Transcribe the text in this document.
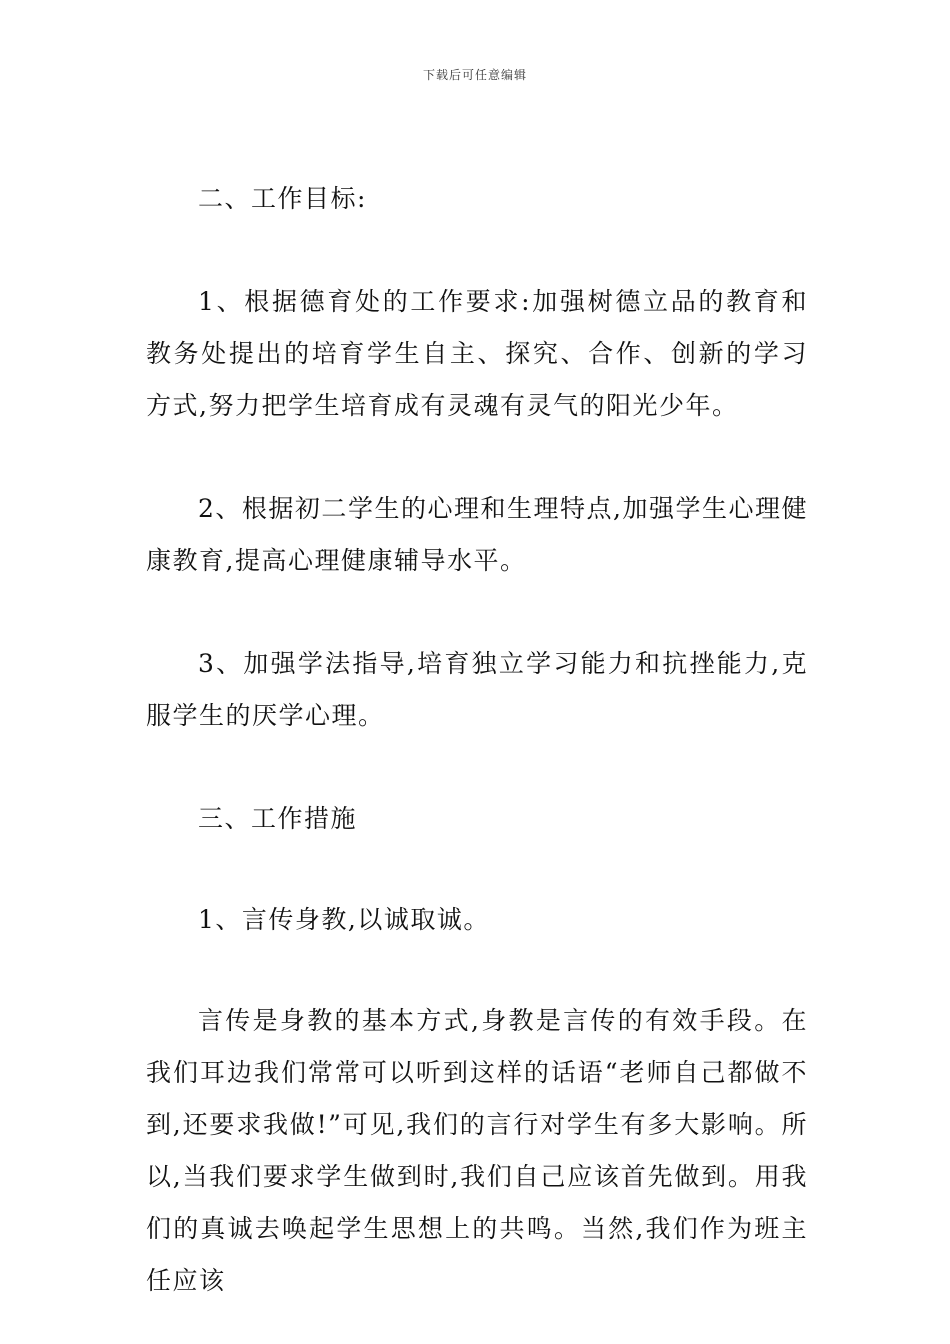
下载后可任意编辑

二、工作目标:

1、根据德育处的工作要求:加强树德立品的教育和教务处提出的培育学生自主、探究、合作、创新的学习方式,努力把学生培育成有灵魂有灵气的阳光少年。

2、根据初二学生的心理和生理特点,加强学生心理健康教育,提高心理健康辅导水平。

3、加强学法指导,培育独立学习能力和抗挫能力,克服学生的厌学心理。

三、工作措施

1、言传身教,以诚取诚。

言传是身教的基本方式,身教是言传的有效手段。在我们耳边我们常常可以听到这样的话语“老师自己都做不到,还要求我做!”可见,我们的言行对学生有多大影响。所以,当我们要求学生做到时,我们自己应该首先做到。用我们的真诚去唤起学生思想上的共鸣。当然,我们作为班主任应该
